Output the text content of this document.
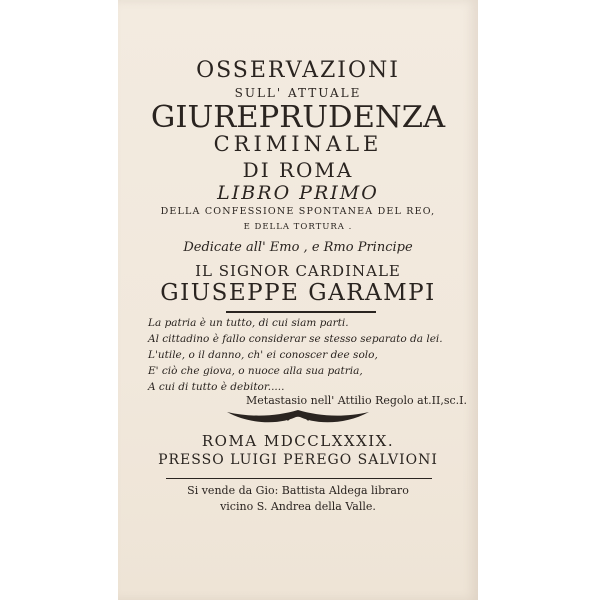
OSSERVAZIONI
SULL' ATTUALE
GIUREPRUDENZA
CRIMINALE
DI ROMA
LIBRO PRIMO
DELLA CONFESSIONE SPONTANEA DEL REO,
E DELLA TORTURA .
Dedicate all' Emo , e Rmo Principe
IL SIGNOR CARDINALE
GIUSEPPE GARAMPI
La patria è un tutto, di cui siam parti.
Al cittadino è fallo considerar se stesso separato da lei.
L'utile, o il danno, ch' ei conoscer dee solo,
E' ciò che giova, o nuoce alla sua patria,
A cui di tutto è debitor.....
Metastasio nell' Attilio Regolo at.II,sc.I.
ROMA MDCCLXXXIX.
PRESSO LUIGI PEREGO SALVIONI
Si vende da Gio: Battista Aldega libraro
vicino S. Andrea della Valle.
